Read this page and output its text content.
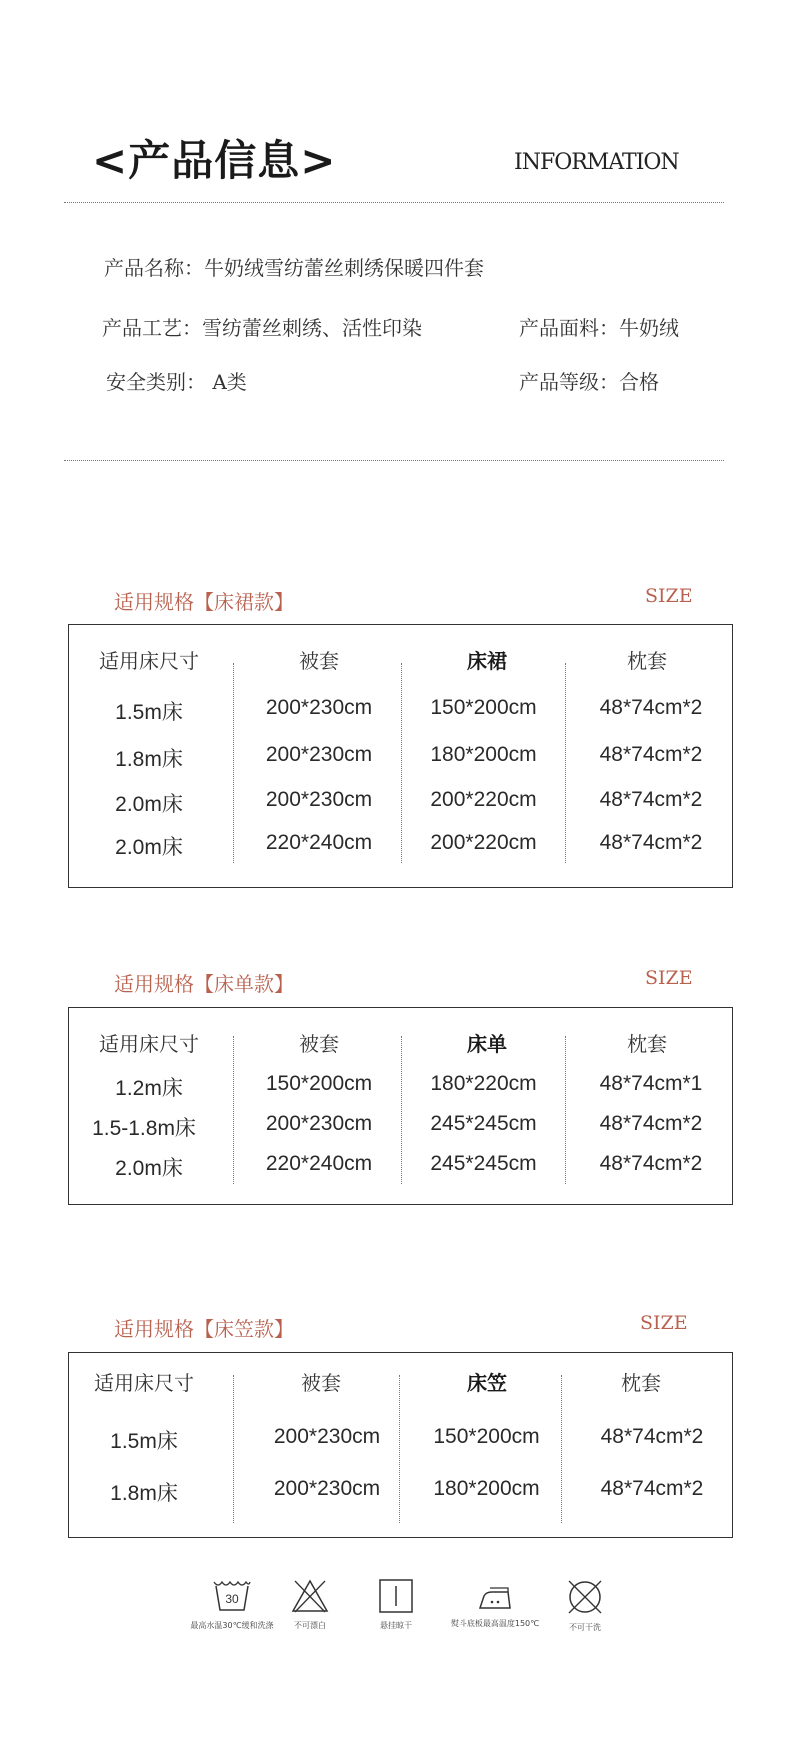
<产品信息>	INFORMATION
产品名称：牛奶绒雪纺蕾丝刺绣保暖四件套
产品工艺：雪纺蕾丝刺绣、活性印染	产品面料：牛奶绒
安全类别： A类	产品等级：合格
适用规格【床裙款】	SIZE
适用床尺寸	被套	床裙	枕套
1.5m床	200*230cm	150*200cm	48*74cm*2
1.8m床	200*230cm	180*200cm	48*74cm*2
2.0m床	200*230cm	200*220cm	48*74cm*2
2.0m床	220*240cm	200*220cm	48*74cm*2
适用规格【床单款】	SIZE
适用床尺寸	被套	床单	枕套
1.2m床	150*200cm	180*220cm	48*74cm*1
1.5-1.8m床	200*230cm	245*245cm	48*74cm*2
2.0m床	220*240cm	245*245cm	48*74cm*2
适用规格【床笠款】	SIZE
适用床尺寸	被套	床笠	枕套
1.5m床	200*230cm	150*200cm	48*74cm*2
1.8m床	200*230cm	180*200cm	48*74cm*2
30
最高水温30℃缓和洗涤	不可漂白	悬挂晾干	熨斗底板最高温度150℃	不可干洗
